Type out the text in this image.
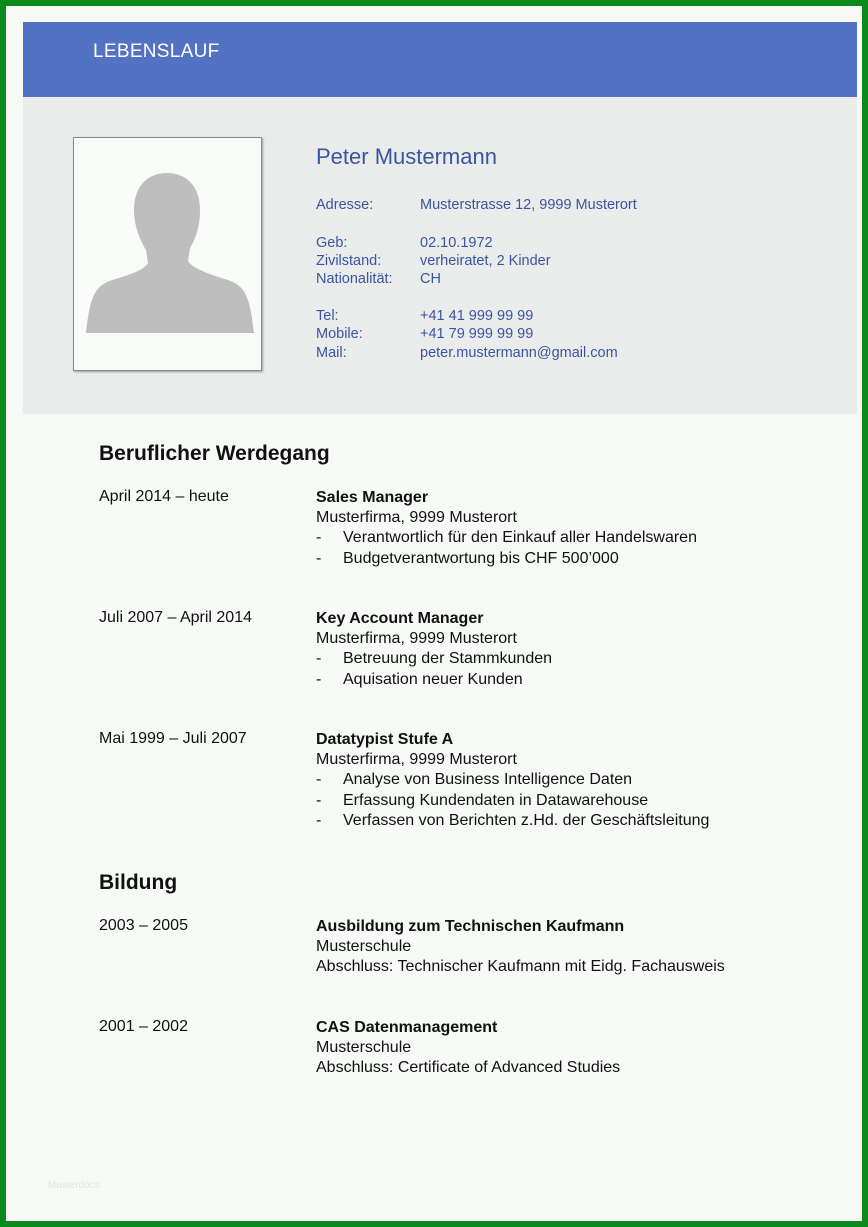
LEBENSLAUF
Peter Mustermann
Adresse:	Musterstrasse 12, 9999 Musterort
Geb:	02.10.1972
Zivilstand:	verheiratet, 2 Kinder
Nationalität: CH
Tel:	+41 41 999 99 99
Mobile:	+41 79 999 99 99
Mail:	peter.mustermann@gmail.com
Beruflicher Werdegang
April 2014 – heute	Sales Manager
Musterfirma, 9999 Musterort
-	Verantwortlich für den Einkauf aller Handelswaren
-	Budgetverantwortung bis CHF 500’000
Juli 2007 – April 2014	Key Account Manager
Musterfirma, 9999 Musterort
-	Betreuung der Stammkunden
-	Aquisation neuer Kunden
Mai 1999 – Juli 2007	Datatypist Stufe A
Musterfirma, 9999 Musterort
-	Analyse von Business Intelligence Daten
-	Erfassung Kundendaten in Datawarehouse
-	Verfassen von Berichten z.Hd. der Geschäftsleitung
Bildung
2003 – 2005	Ausbildung zum Technischen Kaufmann
Musterschule
Abschluss: Technischer Kaufmann mit Eidg. Fachausweis
2001 – 2002	CAS Datenmanagement
Musterschule
Abschluss: Certificate of Advanced Studies
Musterdocs
